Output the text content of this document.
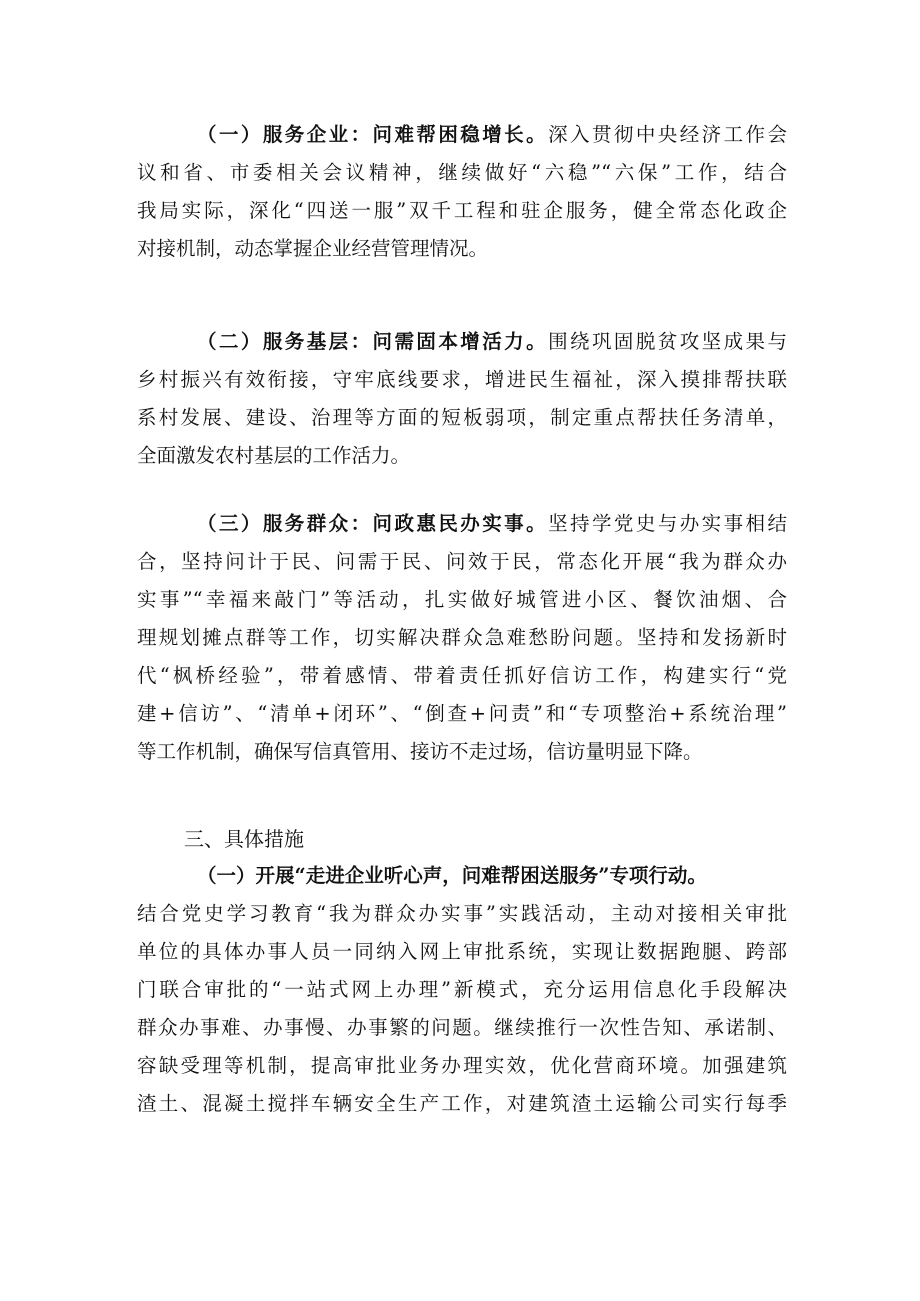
（一）服务企业：问难帮困稳增长。深入贯彻中央经济工作会
议和省、市委相关会议精神，继续做好“六稳”“六保”工作，结合
我局实际，深化“四送一服”双千工程和驻企服务，健全常态化政企
对接机制，动态掌握企业经营管理情况。
（二）服务基层：问需固本增活力。围绕巩固脱贫攻坚成果与
乡村振兴有效衔接，守牢底线要求，增进民生福祉，深入摸排帮扶联
系村发展、建设、治理等方面的短板弱项，制定重点帮扶任务清单，
全面激发农村基层的工作活力。
（三）服务群众：问政惠民办实事。坚持学党史与办实事相结
合，坚持问计于民、问需于民、问效于民，常态化开展“我为群众办
实事”“幸福来敲门”等活动，扎实做好城管进小区、餐饮油烟、合
理规划摊点群等工作，切实解决群众急难愁盼问题。坚持和发扬新时
代“枫桥经验”，带着感情、带着责任抓好信访工作，构建实行“党
建+信访”、“清单+闭环”、“倒查+问责”和“专项整治+系统治理”
等工作机制，确保写信真管用、接访不走过场，信访量明显下降。
三、具体措施
（一）开展“走进企业听心声，问难帮困送服务”专项行动。
结合党史学习教育“我为群众办实事”实践活动，主动对接相关审批
单位的具体办事人员一同纳入网上审批系统，实现让数据跑腿、跨部
门联合审批的“一站式网上办理”新模式，充分运用信息化手段解决
群众办事难、办事慢、办事繁的问题。继续推行一次性告知、承诺制、
容缺受理等机制，提高审批业务办理实效，优化营商环境。加强建筑
渣土、混凝土搅拌车辆安全生产工作，对建筑渣土运输公司实行每季
